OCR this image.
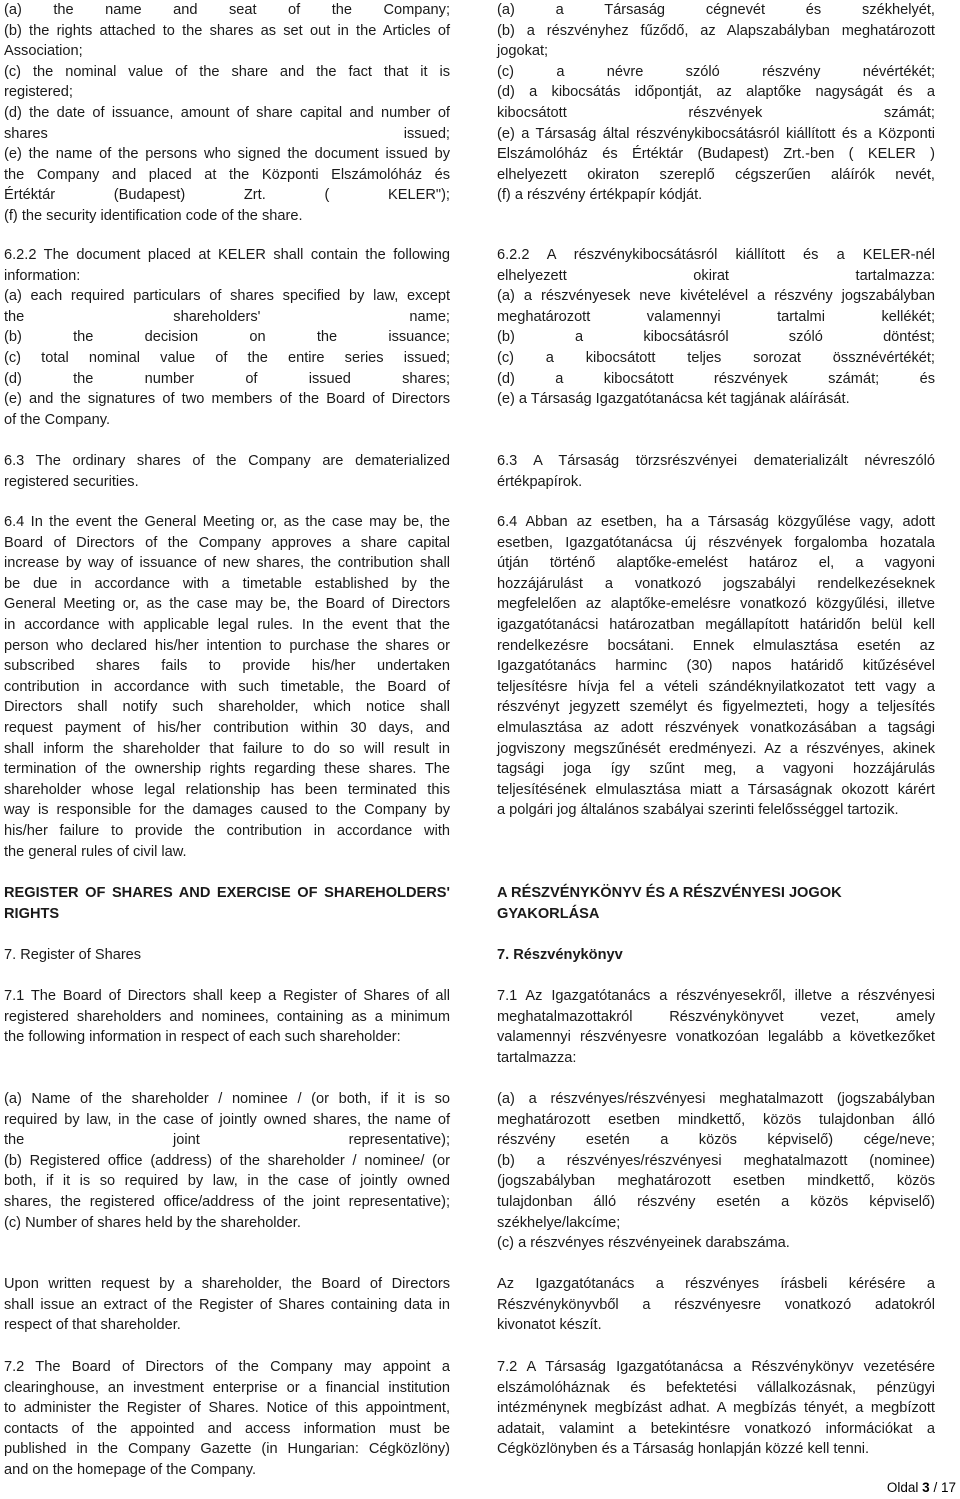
(a) the name and seat of the Company;
(b) the rights attached to the shares as set out in the Articles of
Association;
(c) the nominal value of the share and the fact that it is
registered;
(d) the date of issuance, amount of share capital and number of
shares issued;
(e) the name of the persons who signed the document issued by
the Company and placed at the Központi Elszámolóház és
Értéktár (Budapest) Zrt. ( KELER");
(f) the security identification code of the share.
6.2.2 The document placed at KELER shall contain the following
information:
(a) each required particulars of shares specified by law, except
the shareholders' name;
(b) the decision on the issuance;
(c) total nominal value of the entire series issued;
(d) the number of issued shares;
(e) and the signatures of two members of the Board of Directors
of the Company.
6.3 The ordinary shares of the Company are dematerialized
registered securities.
6.4 In the event the General Meeting or, as the case may be, the
Board of Directors of the Company approves a share capital
increase by way of issuance of new shares, the contribution shall
be due in accordance with a timetable established by the
General Meeting or, as the case may be, the Board of Directors
in accordance with applicable legal rules. In the event that the
person who declared his/her intention to purchase the shares or
subscribed shares fails to provide his/her undertaken
contribution in accordance with such timetable, the Board of
Directors shall notify such shareholder, which notice shall
request payment of his/her contribution within 30 days, and
shall inform the shareholder that failure to do so will result in
termination of the ownership rights regarding these shares. The
shareholder whose legal relationship has been terminated this
way is responsible for the damages caused to the Company by
his/her failure to provide the contribution in accordance with
the general rules of civil law.
REGISTER OF SHARES AND EXERCISE OF SHAREHOLDERS'
RIGHTS
7. Register of Shares
7.1 The Board of Directors shall keep a Register of Shares of all
registered shareholders and nominees, containing as a minimum
the following information in respect of each such shareholder:
(a) Name of the shareholder / nominee / (or both, if it is so
required by law, in the case of jointly owned shares, the name of
the joint representative);
(b) Registered office (address) of the shareholder / nominee/ (or
both, if it is so required by law, in the case of jointly owned
shares, the registered office/address of the joint representative);
(c) Number of shares held by the shareholder.
Upon written request by a shareholder, the Board of Directors
shall issue an extract of the Register of Shares containing data in
respect of that shareholder.
7.2 The Board of Directors of the Company may appoint a
clearinghouse, an investment enterprise or a financial institution
to administer the Register of Shares. Notice of this appointment,
contacts of the appointed and access information must be
published in the Company Gazette (in Hungarian: Cégközlöny)
and on the homepage of the Company.
(a) a Társaság cégnevét és székhelyét,
(b) a részvényhez fűződő, az Alapszabályban meghatározott
jogokat;
(c) a névre szóló részvény névértékét;
(d) a kibocsátás időpontját, az alaptőke nagyságát és a
kibocsátott részvények számát;
(e) a Társaság által részvénykibocsátásról kiállított és a Központi
Elszámolóház és Értéktár (Budapest) Zrt.-ben ( KELER )
elhelyezett okiraton szereplő cégszerűen aláírók nevét,
(f) a részvény értékpapír kódját.
6.2.2 A részvénykibocsátásról kiállított és a KELER-nél
elhelyezett okirat tartalmazza:
(a) a részvényesek neve kivételével a részvény jogszabályban
meghatározott valamennyi tartalmi kellékét;
(b) a kibocsátásról szóló döntést;
(c) a kibocsátott teljes sorozat össznévértékét;
(d) a kibocsátott részvények számát; és
(e) a Társaság Igazgatótanácsa két tagjának aláírását.
6.3 A Társaság törzsrészvényei dematerializált névreszóló
értékpapírok.
6.4 Abban az esetben, ha a Társaság közgyűlése vagy, adott
esetben, Igazgatótanácsa új részvények forgalomba hozatala
útján történő alaptőke-emelést határoz el, a vagyoni
hozzájárulást a vonatkozó jogszabályi rendelkezéseknek
megfelelően az alaptőke-emelésre vonatkozó közgyűlési, illetve
igazgatótanácsi határozatban megállapított határidőn belül kell
rendelkezésre bocsátani. Ennek elmulasztása esetén az
Igazgatótanács harminc (30) napos határidő kitűzésével
teljesítésre hívja fel a vételi szándéknyilatkozatot tett vagy a
részvényt jegyzett személyt és figyelmezteti, hogy a teljesítés
elmulasztása az adott részvények vonatkozásában a tagsági
jogviszony megszűnését eredményezi. Az a részvényes, akinek
tagsági joga így szűnt meg, a vagyoni hozzájárulás
teljesítésének elmulasztása miatt a Társaságnak okozott kárért
a polgári jog általános szabályai szerinti felelősséggel tartozik.
A RÉSZVÉNYKÖNYV ÉS A RÉSZVÉNYESI JOGOK GYAKORLÁSA
7. Részvénykönyv
7.1 Az Igazgatótanács a részvényesekről, illetve a részvényesi
meghatalmazottakról Részvénykönyvet vezet, amely
valamennyi részvényesre vonatkozóan legalább a következőket
tartalmazza:
(a) a részvényes/részvényesi meghatalmazott (jogszabályban
meghatározott esetben mindkettő, közös tulajdonban álló
részvény esetén a közös képviselő) cége/neve;
(b) a részvényes/részvényesi meghatalmazott (nominee)
(jogszabályban meghatározott esetben mindkettő, közös
tulajdonban álló részvény esetén a közös képviselő)
székhelye/lakcíme;
(c) a részvényes részvényeinek darabszáma.
Az Igazgatótanács a részvényes írásbeli kérésére a
Részvénykönyvből a részvényesre vonatkozó adatokról
kivonatot készít.
7.2 A Társaság Igazgatótanácsa a Részvénykönyv vezetésére
elszámolóháznak és befektetési vállalkozásnak, pénzügyi
intézménynek megbízást adhat. A megbízás tényét, a megbízott
adatait, valamint a betekintésre vonatkozó információkat a
Cégközlönyben és a Társaság honlapján közzé kell tenni.
Oldal 3 / 17
